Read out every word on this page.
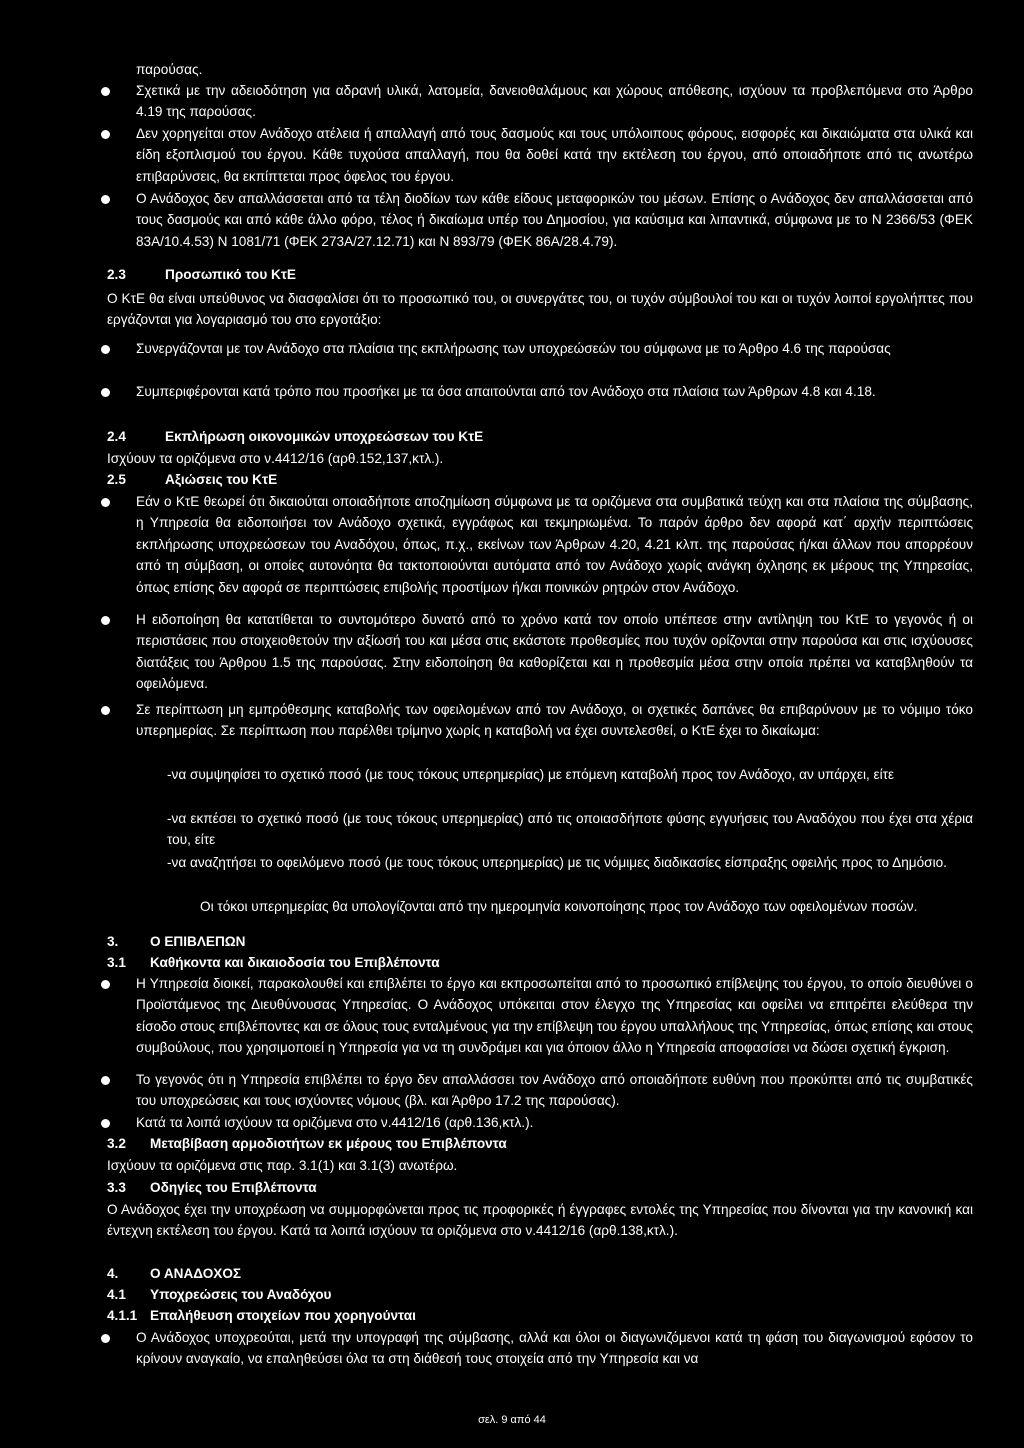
παρούσας.
Σχετικά με την αδειοδότηση για αδρανή υλικά, λατομεία, δανειοθαλάμους και χώρους απόθεσης, ισχύουν τα προβλεπόμενα στο Άρθρο 4.19 της παρούσας.
Δεν χορηγείται στον Ανάδοχο ατέλεια ή απαλλαγή από τους δασμούς και τους υπόλοιπους φόρους, εισφορές και δικαιώματα στα υλικά και είδη εξοπλισμού του έργου. Κάθε τυχούσα απαλλαγή, που θα δοθεί κατά την εκτέλεση του έργου, από οποιαδήποτε από τις ανωτέρω επιβαρύνσεις, θα εκπίπτεται προς όφελος του έργου.
Ο Ανάδοχος δεν απαλλάσσεται από τα τέλη διοδίων των κάθε είδους μεταφορικών του μέσων. Επίσης ο Ανάδοχος δεν απαλλάσσεται από τους δασμούς και από κάθε άλλο φόρο, τέλος ή δικαίωμα υπέρ του Δημοσίου, για καύσιμα και λιπαντικά, σύμφωνα με το Ν 2366/53 (ΦΕΚ 83Α/10.4.53) Ν 1081/71 (ΦΕΚ 273Α/27.12.71) και Ν 893/79 (ΦΕΚ 86Α/28.4.79).
2.3	Προσωπικό του ΚτΕ
Ο ΚτΕ θα είναι υπεύθυνος να διασφαλίσει ότι το προσωπικό του, οι συνεργάτες του, οι τυχόν σύμβουλοί του και οι τυχόν λοιποί εργολήπτες που εργάζονται για λογαριασμό του στο εργοτάξιο:
Συνεργάζονται με τον Ανάδοχο στα πλαίσια της εκπλήρωσης των υποχρεώσεών του σύμφωνα με το Άρθρο 4.6 της παρούσας
Συμπεριφέρονται κατά τρόπο που προσήκει με τα όσα απαιτούνται από τον Ανάδοχο στα πλαίσια των Άρθρων 4.8 και 4.18.
2.4	Εκπλήρωση οικονομικών υποχρεώσεων του ΚτΕ
Ισχύουν τα οριζόμενα στο ν.4412/16 (αρθ.152,137,κτλ.).
2.5	Αξιώσεις του ΚτΕ
Εάν ο ΚτΕ θεωρεί ότι δικαιούται οποιαδήποτε αποζημίωση σύμφωνα με τα οριζόμενα στα συμβατικά τεύχη και στα πλαίσια της σύμβασης, η Υπηρεσία θα ειδοποιήσει τον Ανάδοχο σχετικά, εγγράφως και τεκμηριωμένα. Το παρόν άρθρο δεν αφορά κατ΄ αρχήν περιπτώσεις εκπλήρωσης υποχρεώσεων του Αναδόχου, όπως, π.χ., εκείνων των Άρθρων 4.20, 4.21 κλπ. της παρούσας ή/και άλλων που απορρέουν από τη σύμβαση, οι οποίες αυτονόητα θα τακτοποιούνται αυτόματα από τον Ανάδοχο χωρίς ανάγκη όχλησης εκ μέρους της Υπηρεσίας, όπως επίσης δεν αφορά σε περιπτώσεις επιβολής προστίμων ή/και ποινικών ρητρών στον Ανάδοχο.
Η ειδοποίηση θα κατατίθεται το συντομότερο δυνατό από το χρόνο κατά τον οποίο υπέπεσε στην αντίληψη του ΚτΕ το γεγονός ή οι περιστάσεις που στοιχειοθετούν την αξίωσή του και μέσα στις εκάστοτε προθεσμίες που τυχόν ορίζονται στην παρούσα και στις ισχύουσες διατάξεις του Άρθρου 1.5 της παρούσας. Στην ειδοποίηση θα καθορίζεται και η προθεσμία μέσα στην οποία πρέπει να καταβληθούν τα οφειλόμενα.
Σε περίπτωση μη εμπρόθεσμης καταβολής των οφειλομένων από τον Ανάδοχο, οι σχετικές δαπάνες θα επιβαρύνουν με το νόμιμο τόκο υπερημερίας. Σε περίπτωση που παρέλθει τρίμηνο χωρίς η καταβολή να έχει συντελεσθεί, ο ΚτΕ έχει το δικαίωμα:
-να συμψηφίσει το σχετικό ποσό (με τους τόκους υπερημερίας) με επόμενη καταβολή προς τον Ανάδοχο, αν υπάρχει, είτε
-να εκπέσει το σχετικό ποσό (με τους τόκους υπερημερίας) από τις οποιασδήποτε φύσης εγγυήσεις του Αναδόχου που έχει στα χέρια του, είτε
-να αναζητήσει το οφειλόμενο ποσό (με τους τόκους υπερημερίας) με τις νόμιμες διαδικασίες είσπραξης οφειλής προς το Δημόσιο.
Οι τόκοι υπερημερίας θα υπολογίζονται από την ημερομηνία κοινοποίησης προς τον Ανάδοχο των οφειλομένων ποσών.
3. Ο ΕΠΙΒΛΕΠΩΝ
3.1 Καθήκοντα και δικαιοδοσία του Επιβλέποντα
Η Υπηρεσία διοικεί, παρακολουθεί και επιβλέπει το έργο και εκπροσωπείται από το προσωπικό επίβλεψης του έργου, το οποίο διευθύνει ο Προϊστάμενος της Διευθύνουσας Υπηρεσίας. Ο Ανάδοχος υπόκειται στον έλεγχο της Υπηρεσίας και οφείλει να επιτρέπει ελεύθερα την είσοδο στους επιβλέποντες και σε όλους τους ενταλμένους για την επίβλεψη του έργου υπαλλήλους της Υπηρεσίας, όπως επίσης και στους συμβούλους, που χρησιμοποιεί η Υπηρεσία για να τη συνδράμει και για όποιον άλλο η Υπηρεσία αποφασίσει να δώσει σχετική έγκριση.
Το γεγονός ότι η Υπηρεσία επιβλέπει το έργο δεν απαλλάσσει τον Ανάδοχο από οποιαδήποτε ευθύνη που προκύπτει από τις συμβατικές του υποχρεώσεις και τους ισχύοντες νόμους (βλ. και Άρθρο 17.2 της παρούσας).
Κατά τα λοιπά ισχύουν τα οριζόμενα στο ν.4412/16 (αρθ.136,κτλ.).
3.2 Μεταβίβαση αρμοδιοτήτων εκ μέρους του Επιβλέποντα
Ισχύουν τα οριζόμενα στις παρ. 3.1(1) και 3.1(3) ανωτέρω.
3.3 Οδηγίες του Επιβλέποντα
Ο Ανάδοχος έχει την υποχρέωση να συμμορφώνεται προς τις προφορικές ή έγγραφες εντολές της Υπηρεσίας που δίνονται για την κανονική και έντεχνη εκτέλεση του έργου. Κατά τα λοιπά ισχύουν τα οριζόμενα στο ν.4412/16 (αρθ.138,κτλ.).
4. Ο ΑΝΑΔΟΧΟΣ
4.1 Υποχρεώσεις του Αναδόχου
4.1.1 Επαλήθευση στοιχείων που χορηγούνται
Ο Ανάδοχος υποχρεούται, μετά την υπογραφή της σύμβασης, αλλά και όλοι οι διαγωνιζόμενοι κατά τη φάση του διαγωνισμού εφόσον το κρίνουν αναγκαίο, να επαληθεύσει όλα τα στη διάθεσή τους στοιχεία από την Υπηρεσία και να
σελ. 9 από 44
